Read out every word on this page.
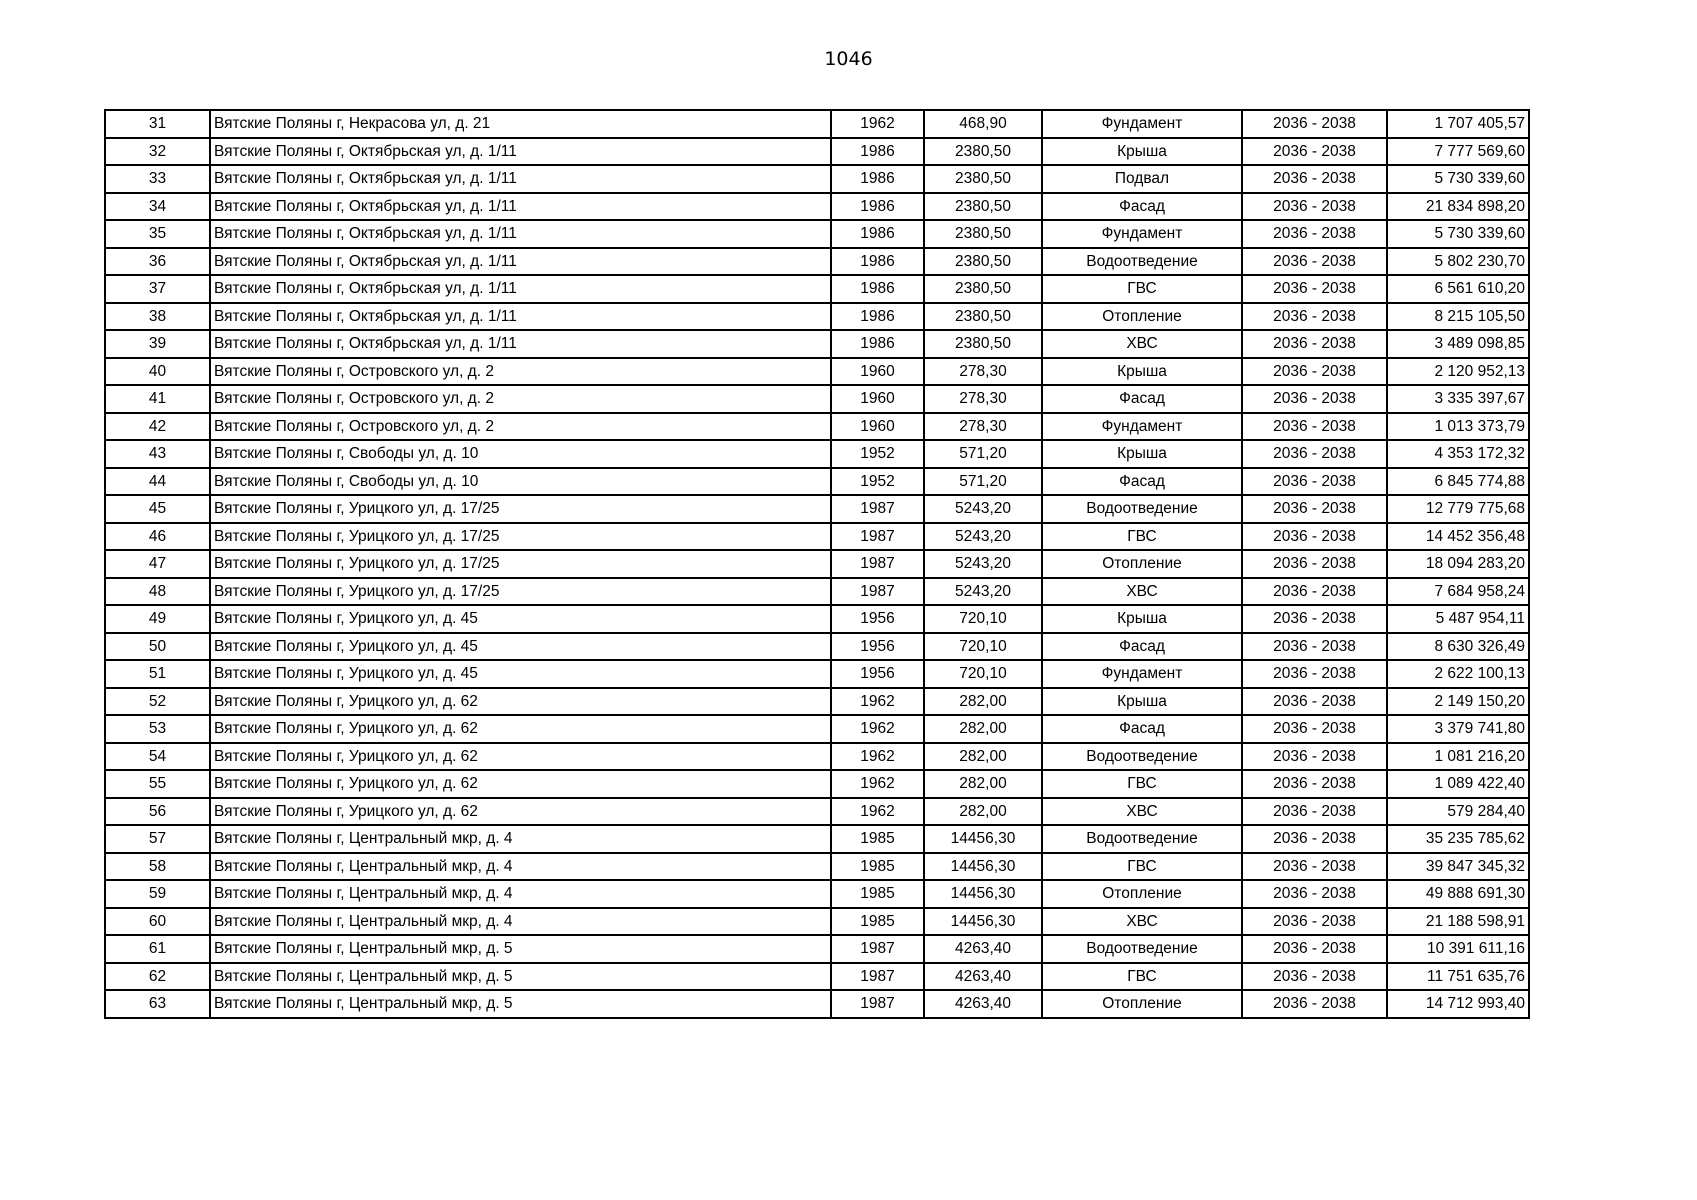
1046
31	Вятские Поляны г, Некрасова ул, д. 21	1962	468,90	Фундамент	2036 - 2038	1 707 405,57
32	Вятские Поляны г, Октябрьская ул, д. 1/11	1986	2380,50	Крыша	2036 - 2038	7 777 569,60
33	Вятские Поляны г, Октябрьская ул, д. 1/11	1986	2380,50	Подвал	2036 - 2038	5 730 339,60
34	Вятские Поляны г, Октябрьская ул, д. 1/11	1986	2380,50	Фасад	2036 - 2038	21 834 898,20
35	Вятские Поляны г, Октябрьская ул, д. 1/11	1986	2380,50	Фундамент	2036 - 2038	5 730 339,60
36	Вятские Поляны г, Октябрьская ул, д. 1/11	1986	2380,50	Водоотведение	2036 - 2038	5 802 230,70
37	Вятские Поляны г, Октябрьская ул, д. 1/11	1986	2380,50	ГВС	2036 - 2038	6 561 610,20
38	Вятские Поляны г, Октябрьская ул, д. 1/11	1986	2380,50	Отопление	2036 - 2038	8 215 105,50
39	Вятские Поляны г, Октябрьская ул, д. 1/11	1986	2380,50	ХВС	2036 - 2038	3 489 098,85
40	Вятские Поляны г, Островского ул, д. 2	1960	278,30	Крыша	2036 - 2038	2 120 952,13
41	Вятские Поляны г, Островского ул, д. 2	1960	278,30	Фасад	2036 - 2038	3 335 397,67
42	Вятские Поляны г, Островского ул, д. 2	1960	278,30	Фундамент	2036 - 2038	1 013 373,79
43	Вятские Поляны г, Свободы ул, д. 10	1952	571,20	Крыша	2036 - 2038	4 353 172,32
44	Вятские Поляны г, Свободы ул, д. 10	1952	571,20	Фасад	2036 - 2038	6 845 774,88
45	Вятские Поляны г, Урицкого ул, д. 17/25	1987	5243,20	Водоотведение	2036 - 2038	12 779 775,68
46	Вятские Поляны г, Урицкого ул, д. 17/25	1987	5243,20	ГВС	2036 - 2038	14 452 356,48
47	Вятские Поляны г, Урицкого ул, д. 17/25	1987	5243,20	Отопление	2036 - 2038	18 094 283,20
48	Вятские Поляны г, Урицкого ул, д. 17/25	1987	5243,20	ХВС	2036 - 2038	7 684 958,24
49	Вятские Поляны г, Урицкого ул, д. 45	1956	720,10	Крыша	2036 - 2038	5 487 954,11
50	Вятские Поляны г, Урицкого ул, д. 45	1956	720,10	Фасад	2036 - 2038	8 630 326,49
51	Вятские Поляны г, Урицкого ул, д. 45	1956	720,10	Фундамент	2036 - 2038	2 622 100,13
52	Вятские Поляны г, Урицкого ул, д. 62	1962	282,00	Крыша	2036 - 2038	2 149 150,20
53	Вятские Поляны г, Урицкого ул, д. 62	1962	282,00	Фасад	2036 - 2038	3 379 741,80
54	Вятские Поляны г, Урицкого ул, д. 62	1962	282,00	Водоотведение	2036 - 2038	1 081 216,20
55	Вятские Поляны г, Урицкого ул, д. 62	1962	282,00	ГВС	2036 - 2038	1 089 422,40
56	Вятские Поляны г, Урицкого ул, д. 62	1962	282,00	ХВС	2036 - 2038	579 284,40
57	Вятские Поляны г, Центральный мкр, д. 4	1985	14456,30	Водоотведение	2036 - 2038	35 235 785,62
58	Вятские Поляны г, Центральный мкр, д. 4	1985	14456,30	ГВС	2036 - 2038	39 847 345,32
59	Вятские Поляны г, Центральный мкр, д. 4	1985	14456,30	Отопление	2036 - 2038	49 888 691,30
60	Вятские Поляны г, Центральный мкр, д. 4	1985	14456,30	ХВС	2036 - 2038	21 188 598,91
61	Вятские Поляны г, Центральный мкр, д. 5	1987	4263,40	Водоотведение	2036 - 2038	10 391 611,16
62	Вятские Поляны г, Центральный мкр, д. 5	1987	4263,40	ГВС	2036 - 2038	11 751 635,76
63	Вятские Поляны г, Центральный мкр, д. 5	1987	4263,40	Отопление	2036 - 2038	14 712 993,40
